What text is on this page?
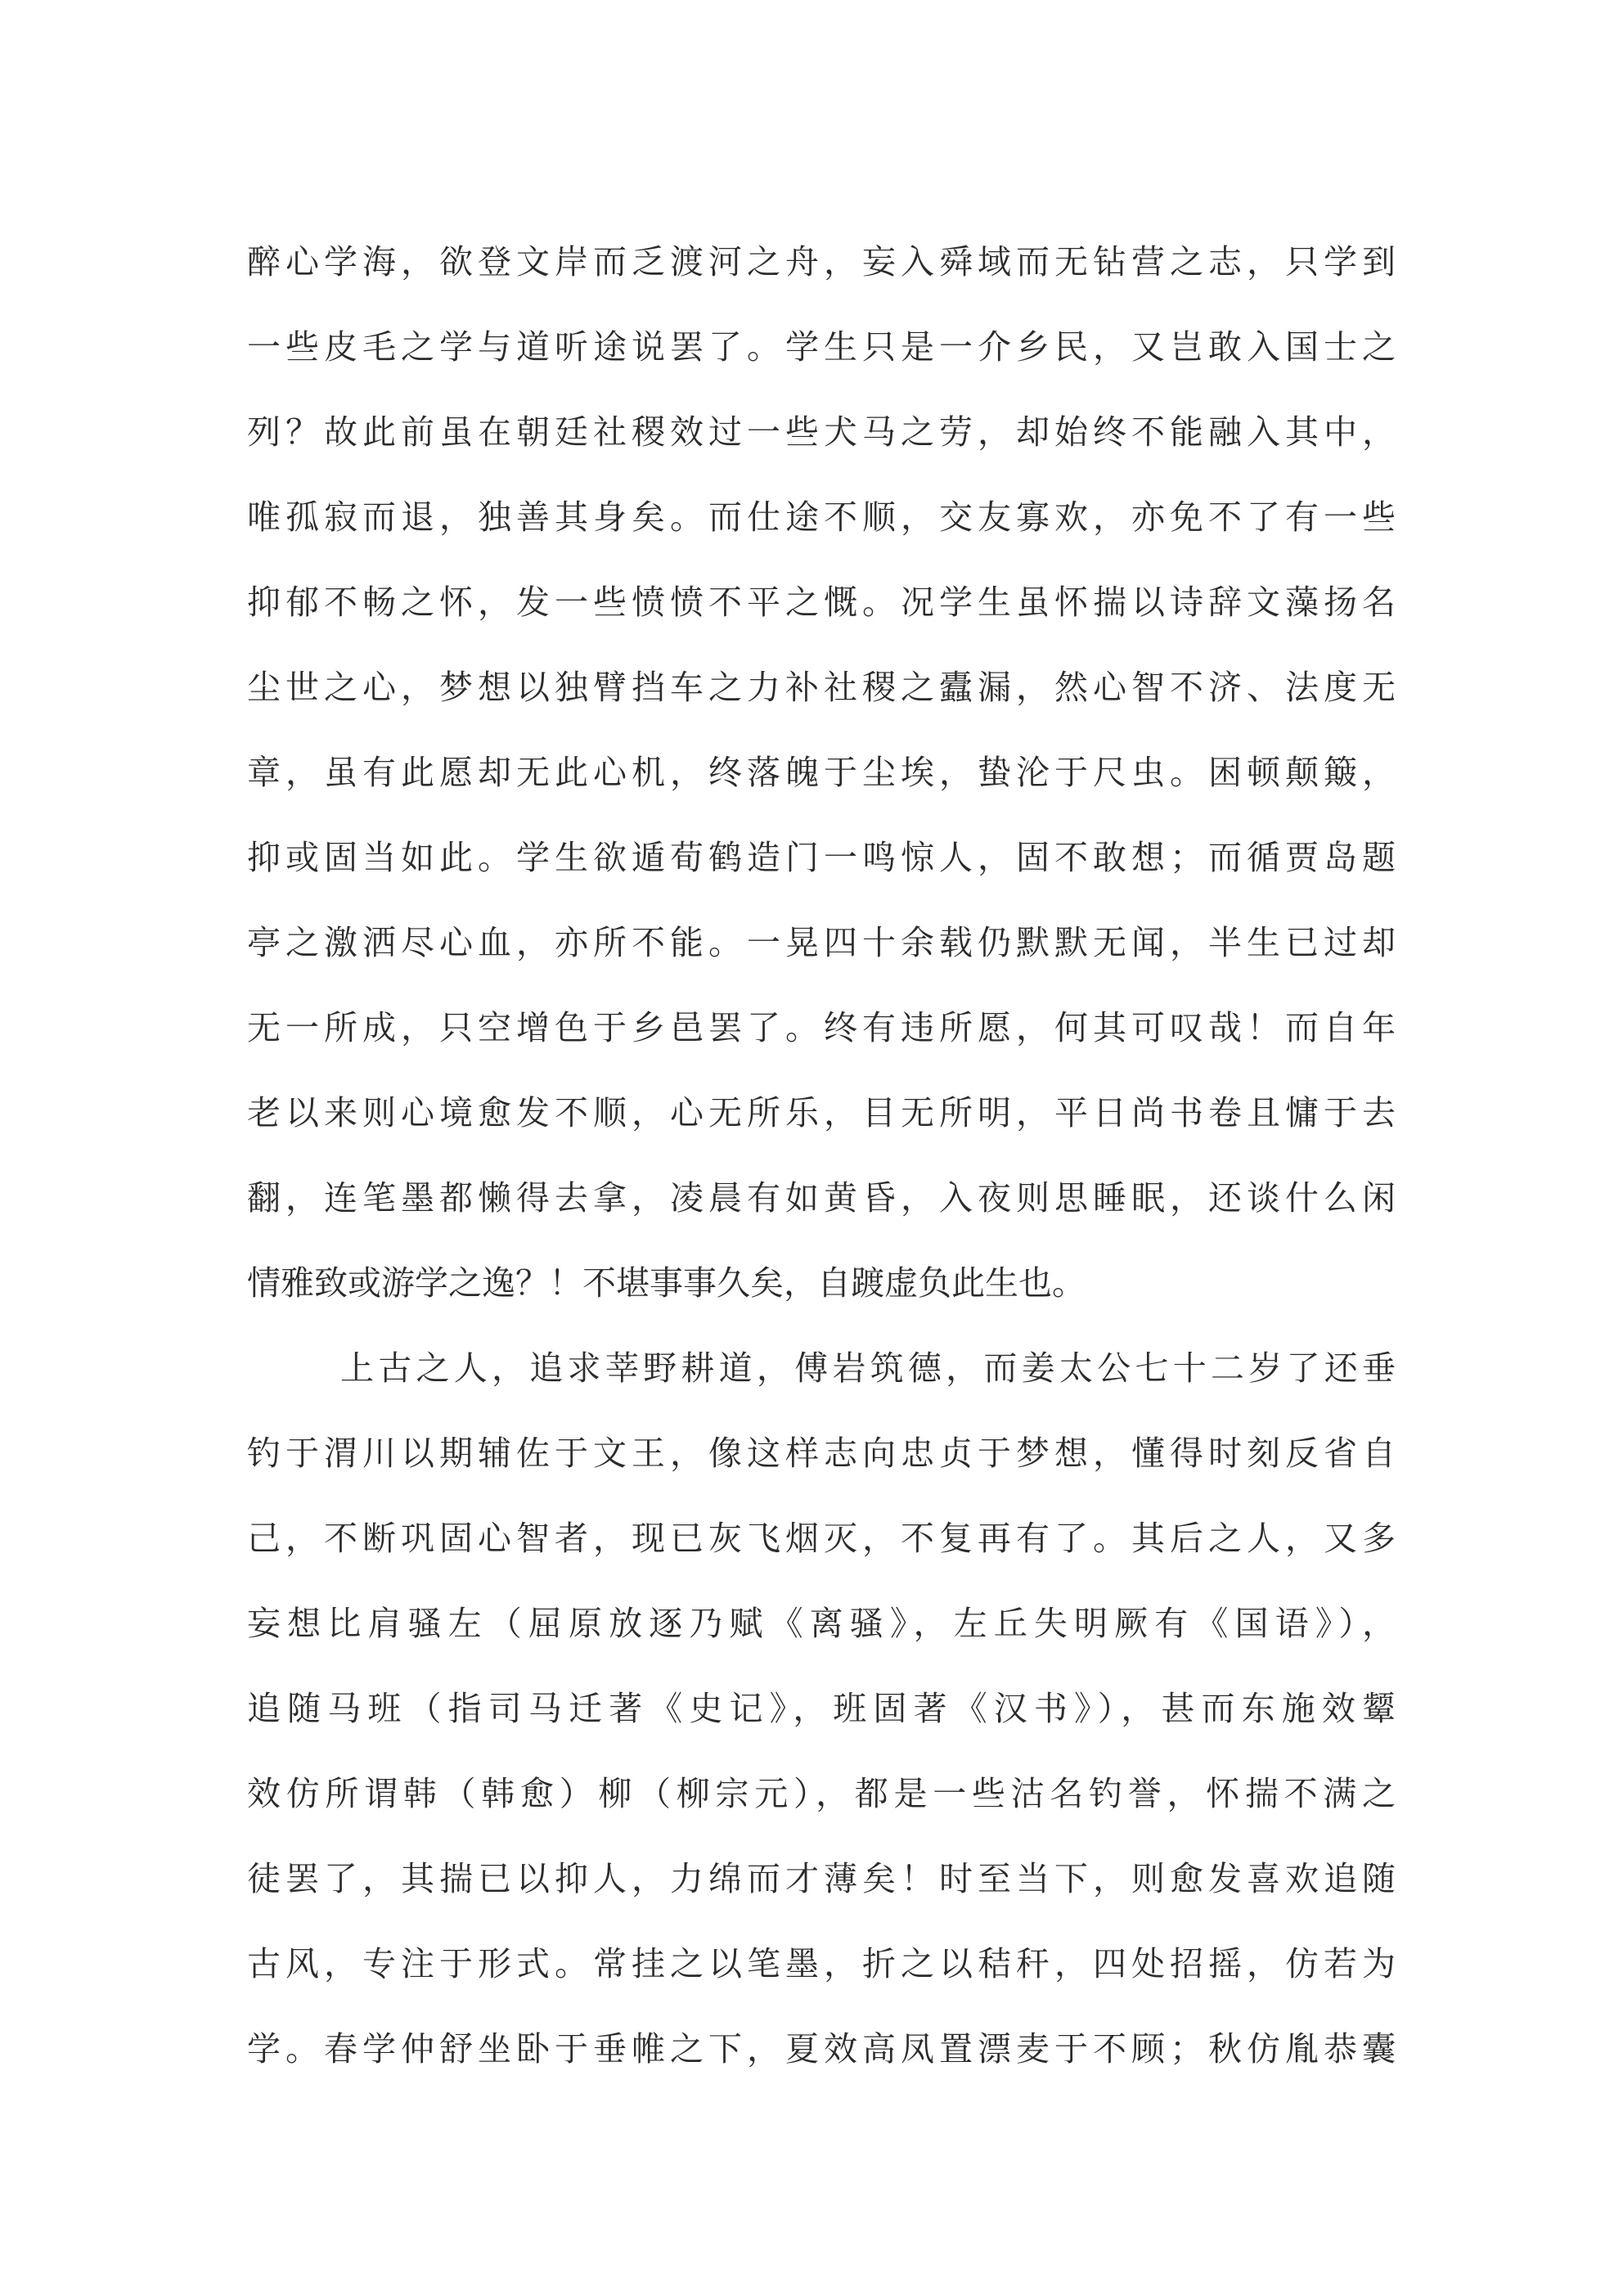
醉心学海，欲登文岸而乏渡河之舟，妄入舜域而无钻营之志，只学到
一些皮毛之学与道听途说罢了。学生只是一介乡民，又岂敢入国士之
列？故此前虽在朝廷社稷效过一些犬马之劳，却始终不能融入其中，
唯孤寂而退，独善其身矣。而仕途不顺，交友寡欢，亦免不了有一些
抑郁不畅之怀，发一些愤愤不平之慨。况学生虽怀揣以诗辞文藻扬名
尘世之心，梦想以独臂挡车之力补社稷之蠹漏，然心智不济、法度无
章，虽有此愿却无此心机，终落魄于尘埃，蛰沦于尺虫。困顿颠簸，
抑或固当如此。学生欲遁荀鹤造门一鸣惊人，固不敢想；而循贾岛题
亭之激洒尽心血，亦所不能。一晃四十余载仍默默无闻，半生已过却
无一所成，只空增色于乡邑罢了。终有违所愿，何其可叹哉！而自年
老以来则心境愈发不顺，心无所乐，目无所明，平日尚书卷且慵于去
翻，连笔墨都懒得去拿，凌晨有如黄昏，入夜则思睡眠，还谈什么闲
情雅致或游学之逸？！不堪事事久矣，自踱虚负此生也。
上古之人，追求莘野耕道，傅岩筑德，而姜太公七十二岁了还垂
钓于渭川以期辅佐于文王，像这样志向忠贞于梦想，懂得时刻反省自
己，不断巩固心智者，现已灰飞烟灭，不复再有了。其后之人，又多
妄想比肩骚左（屈原放逐乃赋《离骚》，左丘失明厥有《国语》），
追随马班（指司马迁著《史记》，班固著《汉书》），甚而东施效颦
效仿所谓韩（韩愈）柳（柳宗元），都是一些沽名钓誉，怀揣不满之
徒罢了，其揣已以抑人，力绵而才薄矣！时至当下，则愈发喜欢追随
古风，专注于形式。常挂之以笔墨，折之以秸秆，四处招摇，仿若为
学。春学仲舒坐卧于垂帷之下，夏效高凤置漂麦于不顾；秋仿胤恭囊
